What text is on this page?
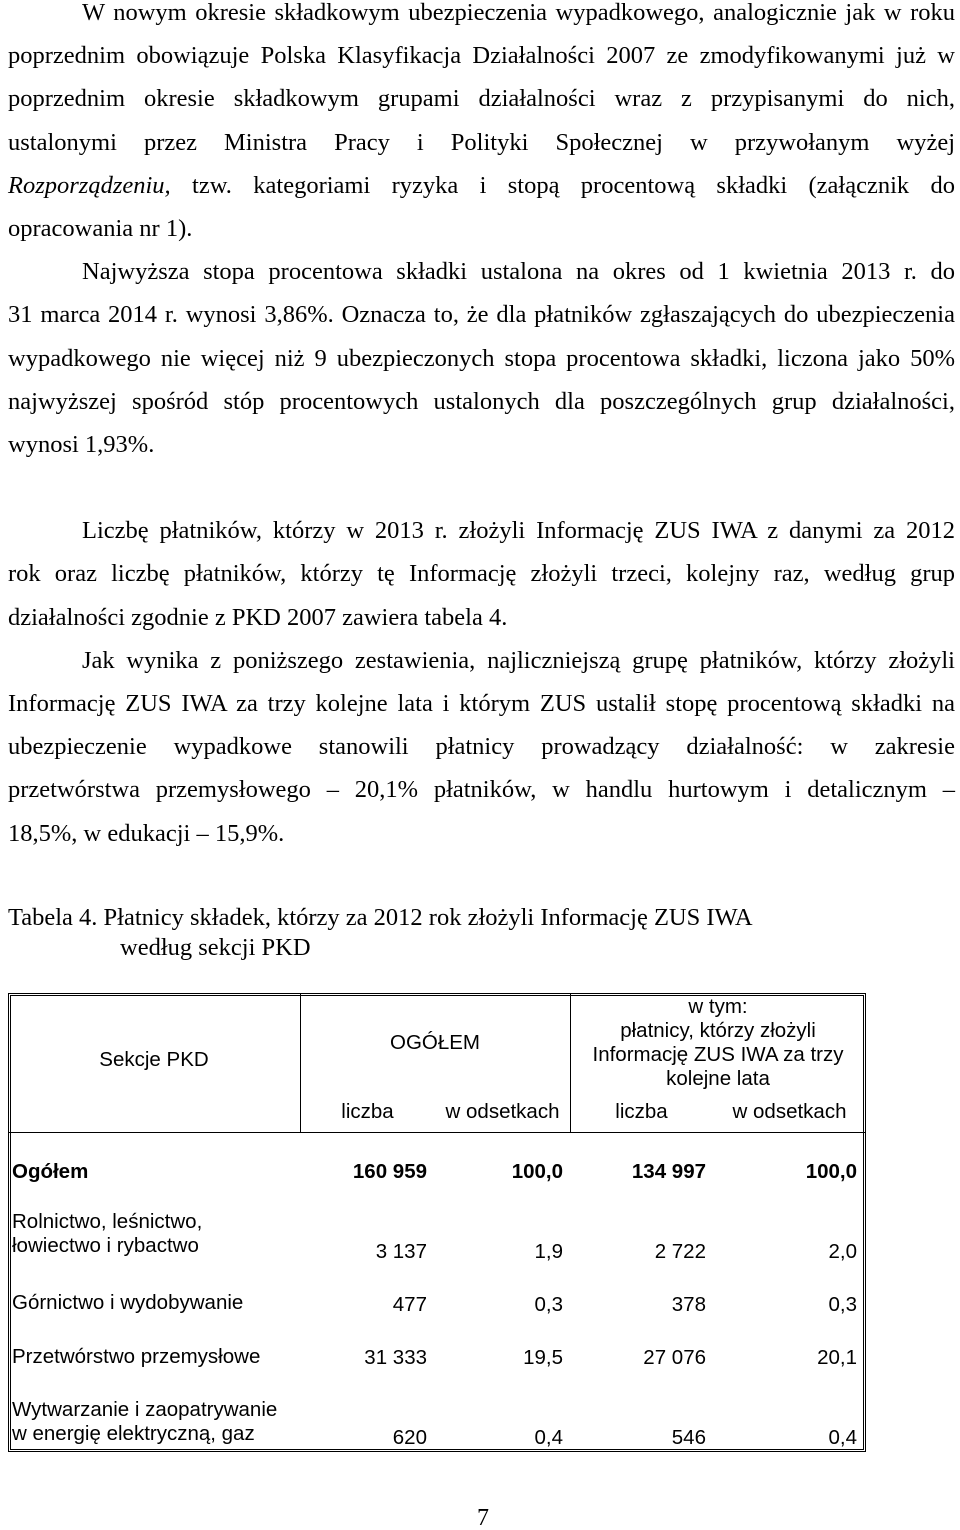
W nowym okresie składkowym ubezpieczenia wypadkowego, analogicznie jak w roku
poprzednim obowiązuje Polska Klasyfikacja Działalności 2007 ze zmodyfikowanymi już w
poprzednim okresie składkowym grupami działalności wraz z przypisanymi do nich,
ustalonymi przez Ministra Pracy i Polityki Społecznej w przywołanym wyżej
Rozporządzeniu, tzw. kategoriami ryzyka i stopą procentową składki (załącznik do
opracowania nr 1).
Najwyższa stopa procentowa składki ustalona na okres od 1 kwietnia 2013 r. do
31 marca 2014 r. wynosi 3,86%. Oznacza to, że dla płatników zgłaszających do ubezpieczenia
wypadkowego nie więcej niż 9 ubezpieczonych stopa procentowa składki, liczona jako 50%
najwyższej spośród stóp procentowych ustalonych dla poszczególnych grup działalności,
wynosi 1,93%.
Liczbę płatników, którzy w 2013 r. złożyli Informację ZUS IWA z danymi za 2012
rok oraz liczbę płatników, którzy tę Informację złożyli trzeci, kolejny raz, według grup
działalności zgodnie z PKD 2007 zawiera tabela 4.
Jak wynika z poniższego zestawienia, najliczniejszą grupę płatników, którzy złożyli
Informację ZUS IWA za trzy kolejne lata i którym ZUS ustalił stopę procentową składki na
ubezpieczenie wypadkowe stanowili płatnicy prowadzący działalność: w zakresie
przetwórstwa przemysłowego – 20,1% płatników, w handlu hurtowym i detalicznym –
18,5%, w edukacji – 15,9%.
Tabela 4. Płatnicy składek, którzy za 2012 rok złożyli Informację ZUS IWA
według sekcji PKD
Sekcje PKD
OGÓŁEM
w tym:
płatnicy, którzy złożyli
Informację ZUS IWA za trzy
kolejne lata
liczba	w odsetkach	liczba	w odsetkach
Ogółem	160 959	100,0	134 997	100,0
Rolnictwo, leśnictwo,
łowiectwo i rybactwo	3 137	1,9	2 722	2,0
Górnictwo i wydobywanie	477	0,3	378	0,3
Przetwórstwo przemysłowe	31 333	19,5	27 076	20,1
Wytwarzanie i zaopatrywanie
w energię elektryczną, gaz	620	0,4	546	0,4
7
